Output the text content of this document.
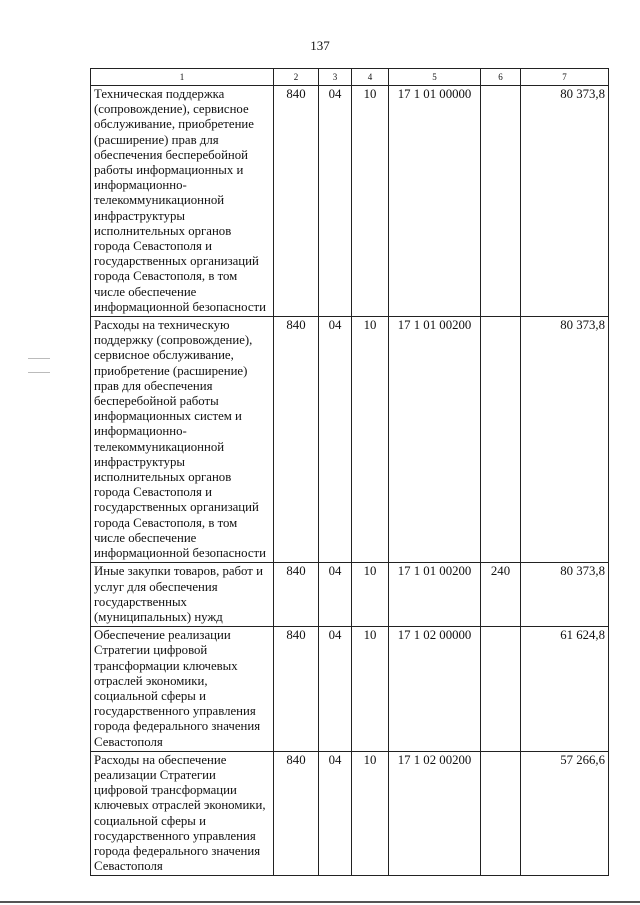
137
1	2	3	4	5	6	7
Техническая поддержка (сопровождение), сервисное обслуживание, приобретение (расширение) прав для обеспечения бесперебойной работы информационных и информационно-телекоммуникационной инфраструктуры исполнительных органов города Севастополя и государственных организаций города Севастополя, в том числе обеспечение информационной безопасности	840	04	10	17 1 01 00000		80 373,8
Расходы на техническую поддержку (сопровождение), сервисное обслуживание, приобретение (расширение) прав для обеспечения бесперебойной работы информационных систем и информационно-телекоммуникационной инфраструктуры исполнительных органов города Севастополя и государственных организаций города Севастополя, в том числе обеспечение информационной безопасности	840	04	10	17 1 01 00200		80 373,8
Иные закупки товаров, работ и услуг для обеспечения государственных (муниципальных) нужд	840	04	10	17 1 01 00200	240	80 373,8
Обеспечение реализации Стратегии цифровой трансформации ключевых отраслей экономики, социальной сферы и государственного управления города федерального значения Севастополя	840	04	10	17 1 02 00000		61 624,8
Расходы на обеспечение реализации Стратегии цифровой трансформации ключевых отраслей экономики, социальной сферы и государственного управления города федерального значения Севастополя	840	04	10	17 1 02 00200		57 266,6
